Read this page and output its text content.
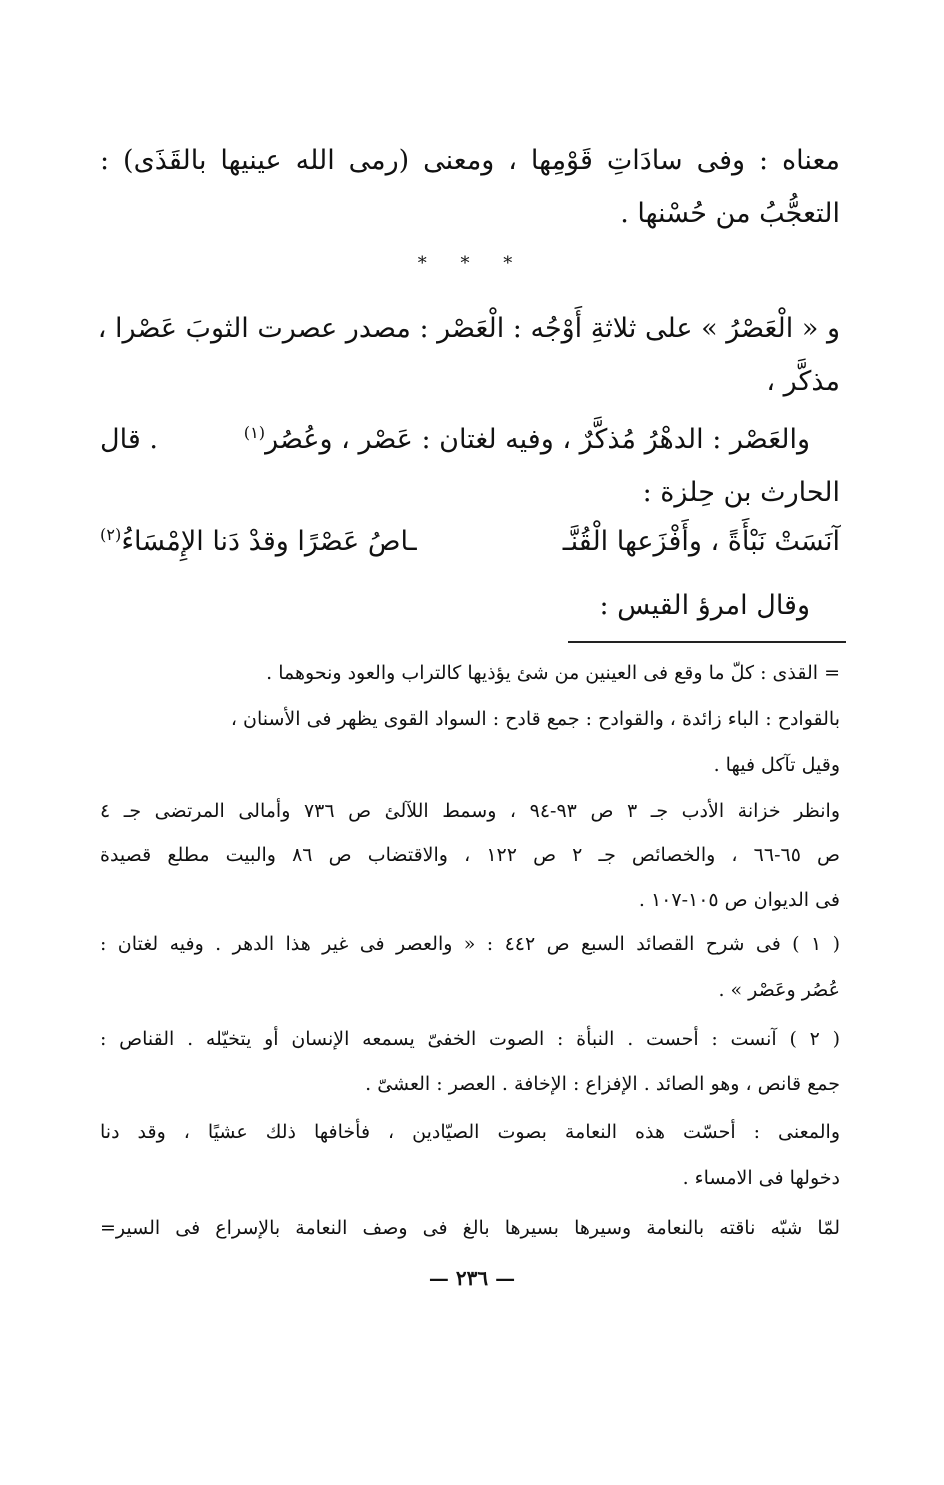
معناه : وفى سادَاتِ قَوْمِها ، ومعنى (رمى الله عينيها بالقَذَى) :
التعجُّبُ من حُسْنها .
* * *
و « الْعَصْرُ » على ثلاثةِ أَوْجُه : الْعَصْر : مصدر عصرت الثوبَ عَصْرا ،
مذكَّر ،
والعَصْر : الدهْرُ مُذكَّرٌ ، وفيه لغتان : عَصْر ، وعُصُر$^{(١)}$
. قال
الحارث بن حِلزة :
آنَسَتْ نَبْأَةً ، وأَفْزَعها الْقُنَّـ
ـاصُ عَصْرًا وقدْ دَنا الإِمْسَاءُ$^{(٢)}$
وقال امرؤ القيس :
= القذى : كلّ ما وقع فى العينين من شئ يؤذيها كالتراب والعود ونحوهما .
بالقوادح : الباء زائدة ، والقوادح : جمع قادح : السواد القوى يظهر فى الأسنان ،
وقيل تآكل فيها .
وانظر خزانة الأدب جـ ٣ ص ٩٣-٩٤ ، وسمط اللآلئ ص ٧٣٦ وأمالى المرتضى جـ ٤
ص ٦٥-٦٦ ، والخصائص جـ ٢ ص ١٢٢ ، والاقتضاب ص ٨٦ والبيت مطلع قصيدة
فى الديوان ص ١٠٥-١٠٧ .
( ١ ) فى شرح القصائد السبع ص ٤٤٢ : « والعصر فى غير هذا الدهر . وفيه لغتان :
عُصُر وعَصْر » .
( ٢ ) آنست : أحست . النبأة : الصوت الخفىّ يسمعه الإنسان أو يتخيّله . القناص :
جمع قانص ، وهو الصائد . الإفزاع : الإخافة . العصر : العشىّ .
والمعنى : أحسّت هذه النعامة بصوت الصيّادين ، فأخافها ذلك عشيًا ، وقد دنا
دخولها فى الامساء .
لمّا شبّه ناقته بالنعامة وسيرها بسيرها بالغ فى وصف النعامة بالإسراع فى السير=
— ٢٣٦ —
